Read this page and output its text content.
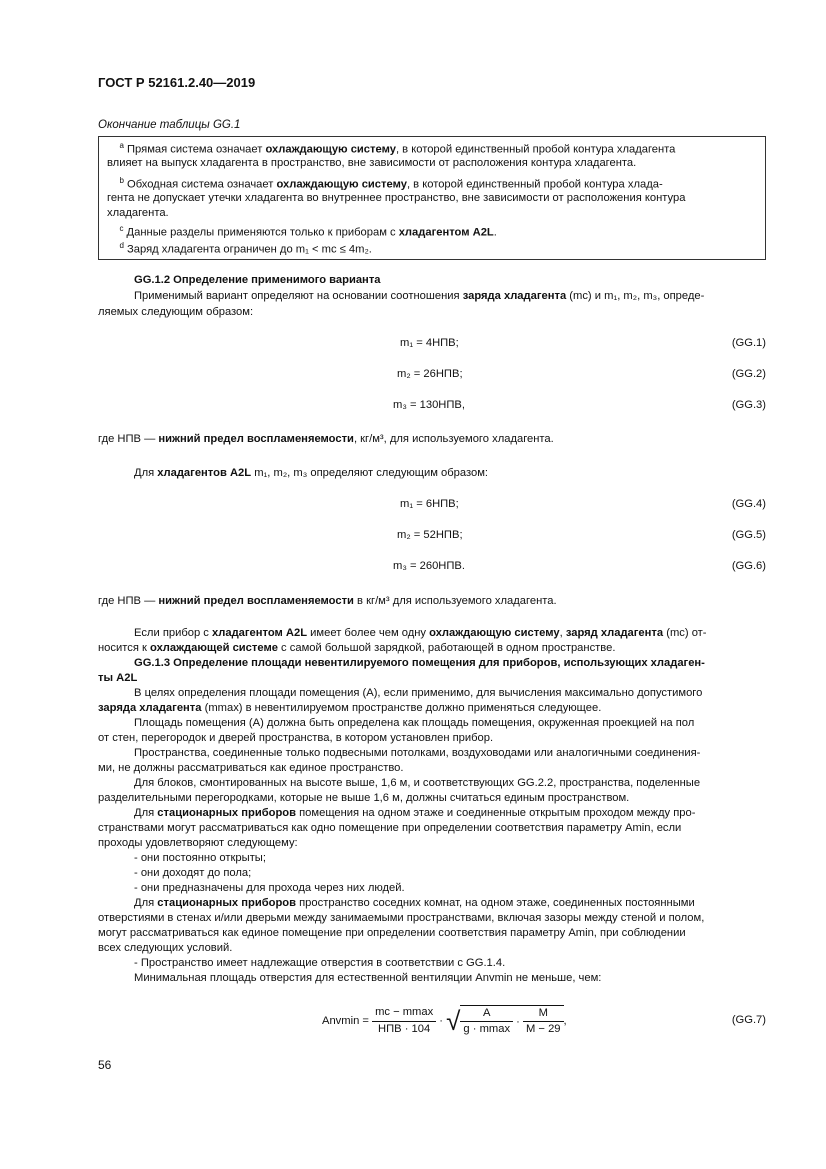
ГОСТ Р 52161.2.40—2019
Окончание таблицы GG.1
$^a$ Прямая система означает охлаждающую систему, в которой единственный пробой контура хладагента
влияет на выпуск хладагента в пространство, вне зависимости от расположения контура хладагента.
$^b$ Обходная система означает охлаждающую систему, в которой единственный пробой контура хлада-
гента не допускает утечки хладагента во внутреннее пространство, вне зависимости от расположения контура
хладагента.
$^c$ Данные разделы применяются только к приборам с хладагентом A2L.
$^d$ Заряд хладагента ограничен до m₁ < mс ≤ 4m₂.
GG.1.2 Определение применимого варианта
Применимый вариант определяют на основании соотношения заряда хладагента (mс) и m₁, m₂, m₃, опреде-
ляемых следующим образом:
m₁ = 4НПВ;	(GG.1)
m₂ = 26НПВ;	(GG.2)
m₃ = 130НПВ,	(GG.3)
где НПВ — нижний предел воспламеняемости, кг/м³, для используемого хладагента.
Для хладагентов A2L m₁, m₂, m₃ определяют следующим образом:
m₁ = 6НПВ;	(GG.4)
m₂ = 52НПВ;	(GG.5)
m₃ = 260НПВ.	(GG.6)
где НПВ — нижний предел воспламеняемости в кг/м³ для используемого хладагента.
Если прибор с хладагентом A2L имеет более чем одну охлаждающую систему, заряд хладагента (mс) от-
носится к охлаждающей системе с самой большой зарядкой, работающей в одном пространстве.
GG.1.3 Определение площади невентилируемого помещения для приборов, использующих хладаген-
ты A2L
В целях определения площади помещения (A), если применимо, для вычисления максимально допустимого
заряда хладагента (mmax) в невентилируемом пространстве должно применяться следующее.
Площадь помещения (A) должна быть определена как площадь помещения, окруженная проекцией на пол
от стен, перегородок и дверей пространства, в котором установлен прибор.
Пространства, соединенные только подвесными потолками, воздуховодами или аналогичными соединения-
ми, не должны рассматриваться как единое пространство.
Для блоков, смонтированных на высоте выше, 1,6 м, и соответствующих GG.2.2, пространства, поделенные
разделительными перегородками, которые не выше 1,6 м, должны считаться единым пространством.
Для стационарных приборов помещения на одном этаже и соединенные открытым проходом между про-
странствами могут рассматриваться как одно помещение при определении соответствия параметру Amin, если
проходы удовлетворяют следующему:
- они постоянно открыты;
- они доходят до пола;
- они предназначены для прохода через них людей.
Для стационарных приборов пространство соседних комнат, на одном этаже, соединенных постоянными
отверстиями в стенах и/или дверьми между занимаемыми пространствами, включая зазоры между стеной и полом,
могут рассматриваться как единое помещение при определении соответствия параметру Amin, при соблюдении
всех следующих условий.
- Пространство имеет надлежащие отверстия в соответствии с GG.1.4.
Минимальная площадь отверстия для естественной вентиляции Anvmin не меньше, чем:
$Anvmin = \frac{mс - mmax}{\text{НПВ · 104}}$ · √ $\frac{A}{g \cdot mmax} \cdot \frac{M}{M - 29}$ ,	(GG.7)
56
